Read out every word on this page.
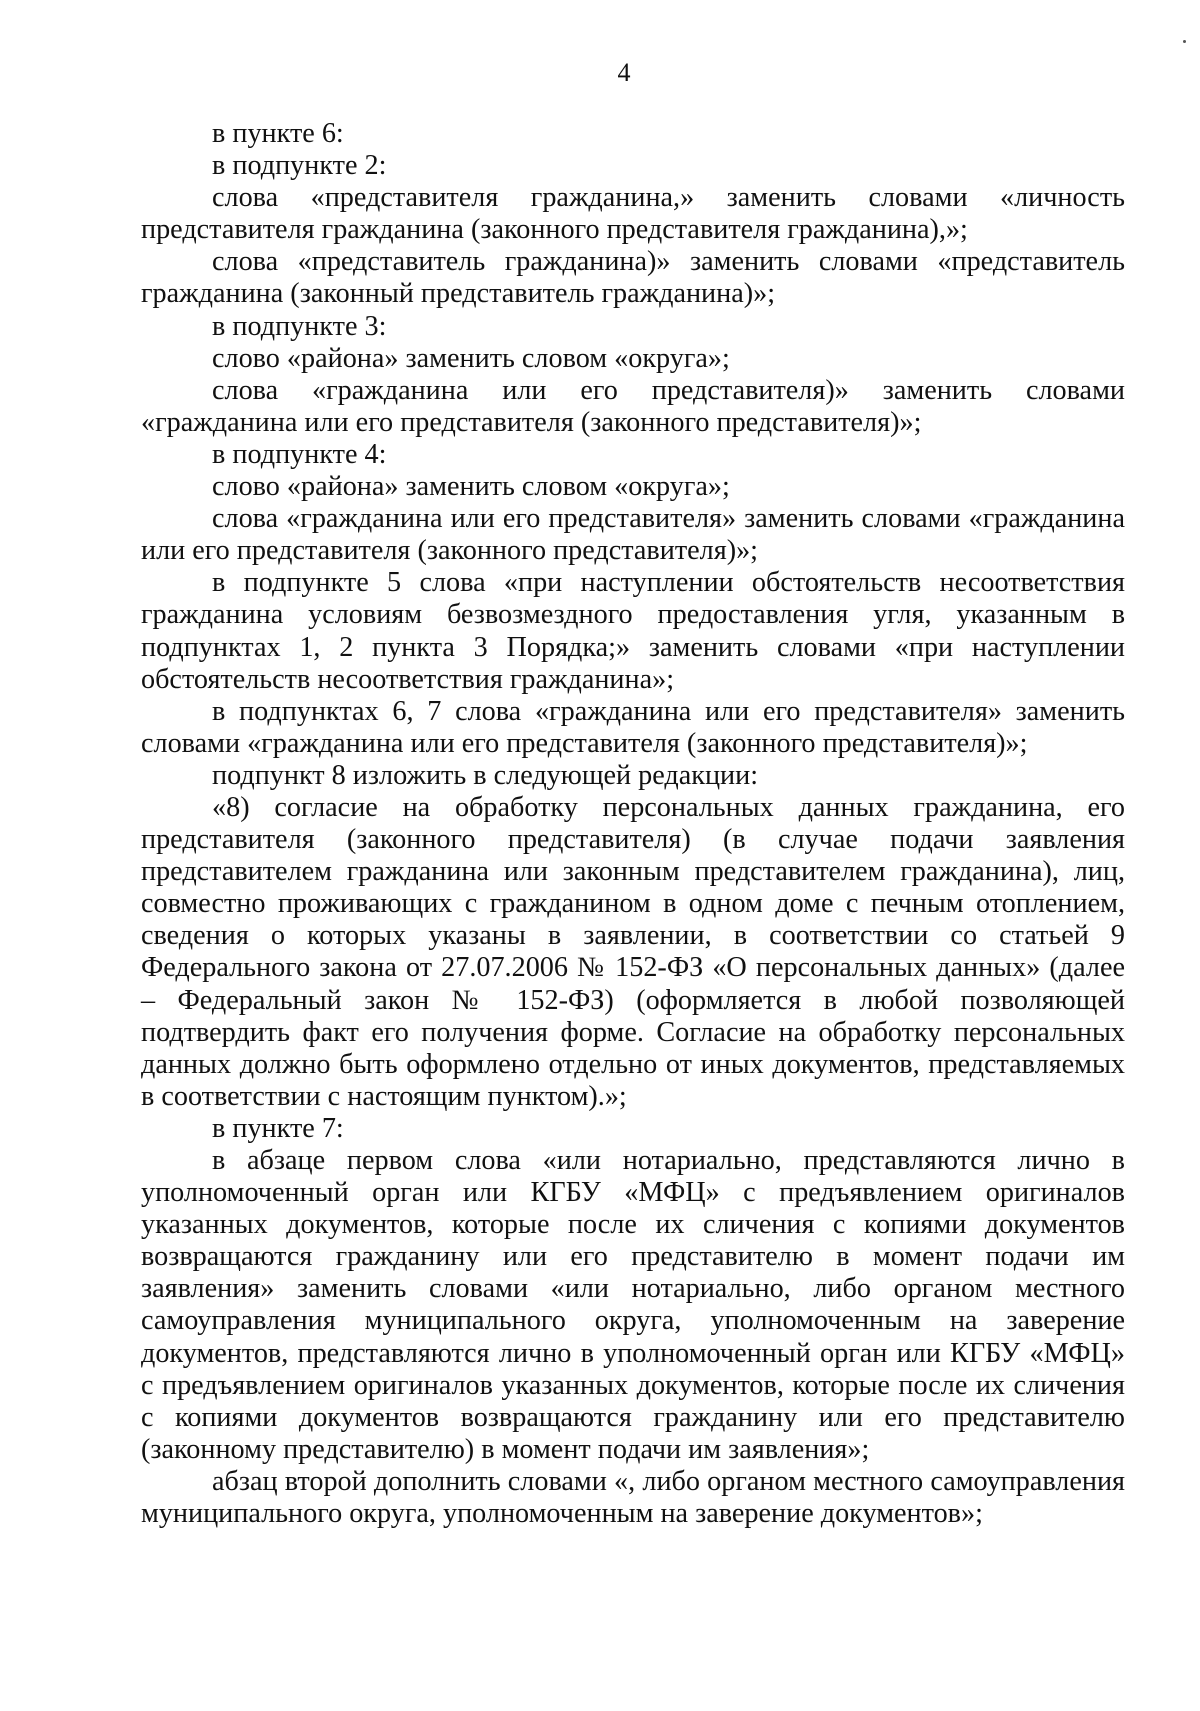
4

в пункте 6:

в подпункте 2:

слова «представителя гражданина,» заменить словами «личность представителя гражданина (законного представителя гражданина),»;

слова «представитель гражданина)» заменить словами «представитель гражданина (законный представитель гражданина)»;

в подпункте 3:

слово «района» заменить словом «округа»;

слова «гражданина или его представителя)» заменить словами «гражданина или его представителя (законного представителя)»;

в подпункте 4:

слово «района» заменить словом «округа»;

слова «гражданина или его представителя» заменить словами «гражданина или его представителя (законного представителя)»;

в подпункте 5 слова «при наступлении обстоятельств несоответствия гражданина условиям безвозмездного предоставления угля, указанным в подпунктах 1, 2 пункта 3 Порядка;» заменить словами «при наступлении обстоятельств несоответствия гражданина»;

в подпунктах 6, 7 слова «гражданина или его представителя» заменить словами «гражданина или его представителя (законного представителя)»;

подпункт 8 изложить в следующей редакции:

«8) согласие на обработку персональных данных гражданина, его представителя (законного представителя) (в случае подачи заявления представителем гражданина или законным представителем гражданина), лиц, совместно проживающих с гражданином в одном доме с печным отоплением, сведения о которых указаны в заявлении, в соответствии со статьей 9 Федерального закона от 27.07.2006 № 152-ФЗ «О персональных данных» (далее – Федеральный закон № 152-ФЗ) (оформляется в любой позволяющей подтвердить факт его получения форме. Согласие на обработку персональных данных должно быть оформлено отдельно от иных документов, представляемых в соответствии с настоящим пунктом).»;

в пункте 7:

в абзаце первом слова «или нотариально, представляются лично в уполномоченный орган или КГБУ «МФЦ» с предъявлением оригиналов указанных документов, которые после их сличения с копиями документов возвращаются гражданину или его представителю в момент подачи им заявления» заменить словами «или нотариально, либо органом местного самоуправления муниципального округа, уполномоченным на заверение документов, представляются лично в уполномоченный орган или КГБУ «МФЦ» с предъявлением оригиналов указанных документов, которые после их сличения с копиями документов возвращаются гражданину или его представителю (законному представителю) в момент подачи им заявления»;

абзац второй дополнить словами «, либо органом местного самоуправления муниципального округа, уполномоченным на заверение документов»;
